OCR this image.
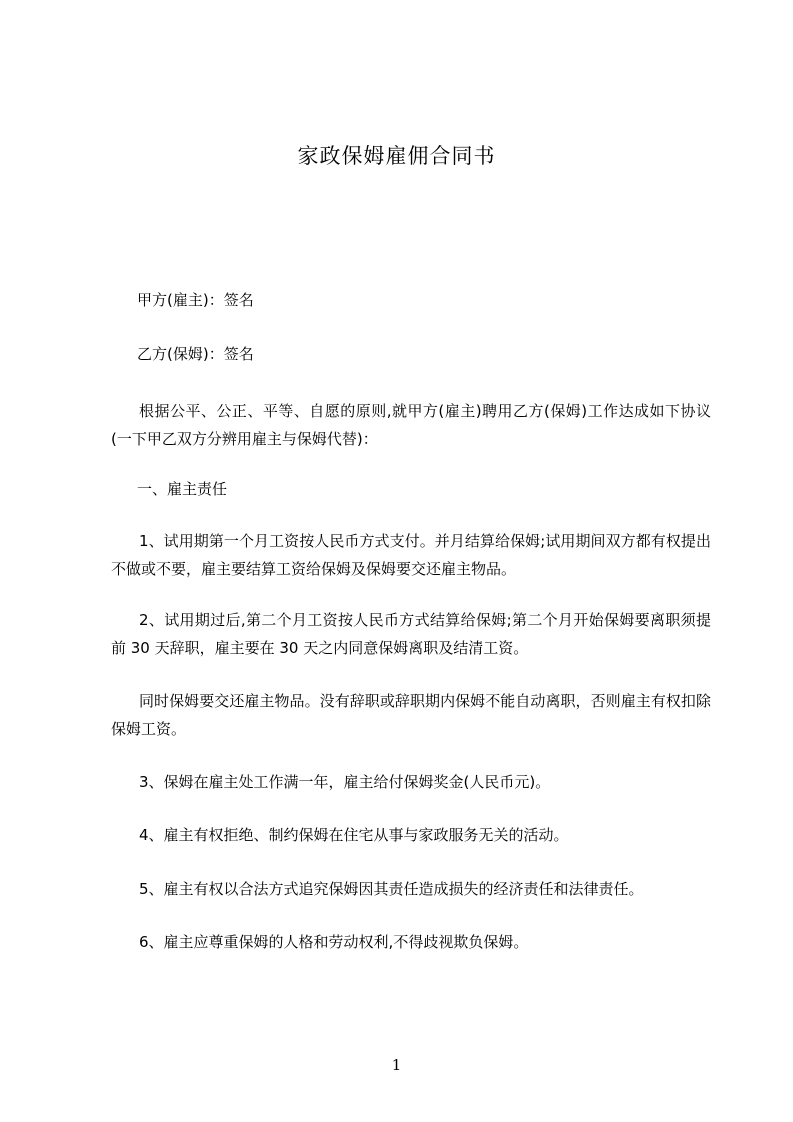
家政保姆雇佣合同书
甲方(雇主)：签名
乙方(保姆)：签名
根据公平、公正、平等、自愿的原则,就甲方(雇主)聘用乙方(保姆)工作达成如下协议(一下甲乙双方分辨用雇主与保姆代替)：
一、雇主责任
1、试用期第一个月工资按人民币方式支付。并月结算给保姆;试用期间双方都有权提出不做或不要，雇主要结算工资给保姆及保姆要交还雇主物品。
2、试用期过后,第二个月工资按人民币方式结算给保姆;第二个月开始保姆要离职须提前 30 天辞职，雇主要在 30 天之内同意保姆离职及结清工资。
同时保姆要交还雇主物品。没有辞职或辞职期内保姆不能自动离职，否则雇主有权扣除保姆工资。
3、保姆在雇主处工作满一年，雇主给付保姆奖金(人民币元)。
4、雇主有权拒绝、制约保姆在住宅从事与家政服务无关的活动。
5、雇主有权以合法方式追究保姆因其责任造成损失的经济责任和法律责任。
6、雇主应尊重保姆的人格和劳动权利,不得歧视欺负保姆。
1
